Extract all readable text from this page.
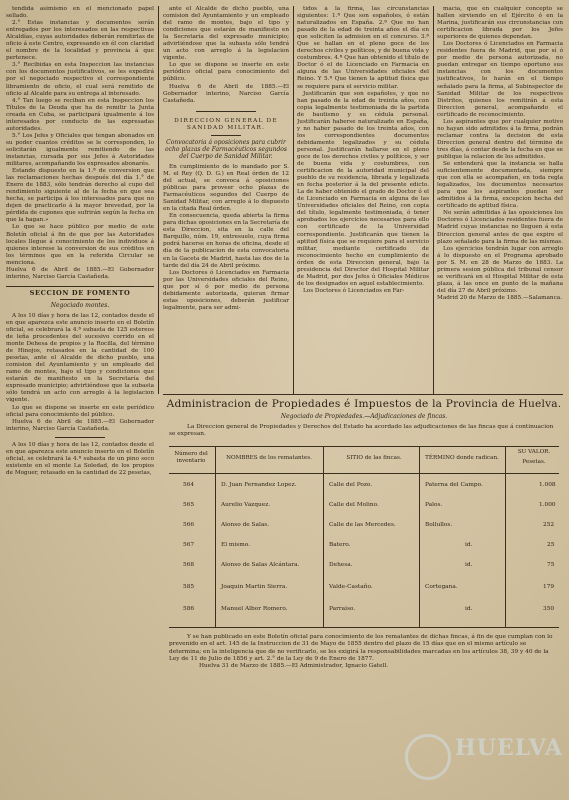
tendida asimismo en el mencionado papel sellado.

2.° Estas instancias y documentos serán entregados por los interesados en las respectivas Alcaldías, cuyas autoridades deberán remitirlas de oficio á este Centro, expresando en él con claridad el nombre de la localidad y provincia á que pertenece.

3.° Recibidas en esta Inspeccion las instancias con los documentos justificativos, se les expedirá por el negociado respectivo el correspondiente libramiento de oficio, el cual será remitido de oficio al Alcalde para su entrega al interesado.

4.° Tan luego se reciban en esta Inspeccion los Títulos de la Deuda que ha de remitir la Junta creada en Cuba, se participará igualmente á los interesados por conducto de las expresadas autoridades.

5.° Los Jefes y Oficiales que tengan abonados en su poder cuantos créditos se le corresponden, lo solicitarán igualmente remitiendo de las instancias, cursada por sus Jefes á Autoridades militares, acompañando los expresados abonarés.

Estando dispuesto en la 1.ª de conversion que las reclamaciones hechas después del día 1.° de Enero de 1883, sólo tendrán derecho al cupo del rendimiento siguiente al de la fecha en que sea hecha, se participa á los interesados para que no dejen de practicarlo á la mayor brevedad, por la pérdida de cupones que sufrirán según la fecha en que la hagan.»

Lo que se hace público por medio de este Boletín oficial á fin de que por las Autoridades locales llegue á conocimiento de los individuos á quienes interese la conversion de sus créditos en los términos que en la referida Circular se menciona.

Huelva 6 de Abril de 1885.—El Gobernador interino, Narciso García Castañeda.

SECCION DE FOMENTO
Negociado montes.

A los 10 días y hora de las 12, contados desde el en que aparezca este anuncio inserto en el Boletín oficial, se celebrará la 4.ª subasta de 125 estereos de leña procedentes del sucesivo corrido en el monte Dehesa de propios y la Rocilla, del término de Hinojos, retasados en la cantidad de 100 pesetas, ante el Alcalde de dicho pueblo, una comision del Ayuntamiento y un empleado del ramo de montes, bajo el tipo y condiciones que estarán de manifiesto en la Secretaría del expresado municipio; advirtiéndose que la subasta sólo tendrá un acto con arreglo á la legislacion vigente.

Lo que se dispone se inserte en este periódico oficial para conocimiento del público.

Huelva 6 de Abril de 1885.—El Gobernador interino, Narciso García Castañeda.

A los 10 días y hora de las 12, contados desde el en que aparezca este anuncio inserto en el Boletín oficial, se celebrará la 4.ª subasta de un pino seco existente en el monte La Soledad, de los propios de Moguer, retasado en la cantidad de 22 pesetas,

ante el Alcalde de dicho pueblo, una comision del Ayuntamiento y un empleado del ramo de montes, bajo el tipo y condiciones que estarán de manifiesto en la Secretaría del expresado municipio; advirtiéndose que la subasta sólo tendrá un acto con arreglo á la legislacion vigente.

Lo que se dispone se inserte en este periódico oficial para conocimiento del público.

Huelva 6 de Abril de 1885.—El Gobernador interino, Narciso García Castañeda.

DIRECCION GENERAL DE SANIDAD MILITAR.
Convocatoria á oposiciones para cubrir ocho plazas de Farmacéuticos segundos del Cuerpo de Sanidad Militar.

En cumplimiento de lo mandado por S. M. el Rey (Q. D. G.) en Real órden de 12 del actual, se convoca á oposiciones públicas para proveer ocho plazas de Farmacéuticos segundos del Cuerpo de Sanidad Militar, con arreglo á lo dispuesto en la citada Real órden.

En consecuencia, queda abierta la firma para dichas oposiciones en la Secretaría de esta Direccion, sita en la calle del Barquillo, núm. 19, entresuelo, cuya firma podrá hacerse en horas de oficina, desde el día de la publicacion de esta convocatoria en la Gaceta de Madrid, hasta las dos de la tarde del día 24 de Abril próximo.

Los Doctores ó Licenciados en Farmacia por las Universidades oficiales del Reino, que por sí ó por medio de persona debidamente autorizada, quieran firmar estas oposiciones, deberán justificar legalmente, para ser admi-

tidos á la firma, las circunstancias siguientes: 1.ª Que son españoles, ó están naturalizados en España. 2.ª Que no han pasado de la edad de treinta años el día en que soliciten la admision en el concurso. 3.ª Que se hallan en el pleno goce de los derechos civiles y políticos, y de buena vida y costumbres. 4.ª Que han obtenido el título de Doctor ó el de Licenciado en Farmacia en alguna de las Universidades oficiales del Reino. Y 5.ª Que tienen la aptitud física que se requiere para el servicio militar.

Justificarán que son españoles, y que no han pasado de la edad de treinta años, con copia legalmente testimoniada de la partida de bautismo y su cédula personal. Justificarán haberse naturalizado en España, y no haber pasado de los treinta años, con los correspondientes documentos debidamente legalizados y su cédula personal. Justificarán hallarse en el pleno goce de los derechos civiles y políticos, y ser de buena vida y costumbres, con certificacion de la autoridad municipal del pueblo de su residencia, librada y legalizada en fecha posterior á la del presente edicto. La de haber obtenido el grado de Doctor ó el de Licenciado en Farmacia en alguna de las Universidades oficiales del Reino, con copia del título, legalmente testimoniada, ó tener aprobados los ejercicios necesarios para ello con certificado de la Universidad correspondiente. Justificarán que tienen la aptitud física que se requiere para el servicio militar, mediante certificado de reconocimiento hecho en cumplimiento de órden de esta Direccion general, bajo la presidencia del Director del Hospital Militar de Madrid, por dos Jefes ú Oficiales Médicos de los designados en aquel establecimiento.

Los Doctores ó Licenciados en Far-

macia, que en cualquier concepto se hallen sirviendo en el Ejército ó en la Marina, justificarán sus circunstancias con certificacion librada por los Jefes superiores de quienes dependan.

Los Doctores ó Licenciados en Farmacia residentes fuera de Madrid, que por sí ó por medio de persona autorizada, no puedan entregar en tiempo oportuno sus instancias con los documentos justificativos, lo harán en el tiempo señalado para la firma, al Subinspector de Sanidad Militar de los respectivos Distritos, quienes los remitirán á esta Direccion general, acompañando el certificado de reconocimiento.

Los aspirantes que por cualquier motivo no hayan sido admitidos á la firma, podrán reclamar contra la decision de esta Direccion general dentro del término de tres días, á contar desde la fecha en que se publique la relacion de los admitidos.

Se entenderá que la instancia se halla suficientemente documentada, siempre que con ella se acompañen, en toda regla legalizados, los documentos necesarios para que los aspirantes puedan ser admitidos á la firma, excepcion hecha del certificado de aptitud física.

No serán admitidas á las oposiciones los Doctores ó Licenciados residentes fuera de Madrid cuyas instancias no lleguen á esta Direccion general antes de que expire el plazo señalado para la firma de las mismas.

Los ejercicios tendrán lugar con arreglo á lo dispuesto en el Programa aprobado por S. M. en 28 de Marzo de 1883. La primera sesion pública del tribunal censor se verificará en el Hospital Militar de esta plaza, á las once en punto de la mañana del día 27 de Abril próximo.

Madrid 20 de Marzo de 1885.—Salamanca.

Administracion de Propiedades é Impuestos de la Provincia de Huelva.
Negociado de Propiedades.—Adjudicaciones de fincas.

La Direccion general de Propiedades y Derechos del Estado ha acordado las adjudicaciones de las fincas que á continuacion se expresan.

Número del inventario	NOMBRES de los rematantes.	SITIO de las fincas.	TÉRMINO donde radican.
SU VALOR.
Pesetas.
564	D. Juan Fernandez Lopez.	Calle del Pozo.	Paterna del Campo.	1.008
565	Aurelio Vazquez.	Calle del Molino.	Palos.	1.000
566	Alonso de Salas.	Calle de las Mercedes.	Bollullos.	252
567	El mismo.	Batero.	id.	25
568	Alonso de Salas Alcántara.	Dehesa.	id.	75
585	Joaquin Martin Sierra.	Valde-Castaño.	Cortegana.	179
586	Manuel Albor Romero.	Parraiso.	id.	350

Y se han publicado en este Boletín oficial para conocimiento de los rematantes de dichas fincas, á fin de que cumplan con lo prevenido en el art. 145 de la Instruccion de 31 de Mayo de 1855 dentro del plazo de 15 días que en el mismo artículo se determina; en la inteligencia que de no verificarlo, se les exigirá la responsabilidades marcadas en los artículos 38, 39 y 40 de la Ley de 11 de Julio de 1856 y art. 2.° de la Ley de 9 de Enero de 1877.

Huelva 31 de Marzo de 1885.—El Administrador, Ignacio Gatell.

HUELVA
